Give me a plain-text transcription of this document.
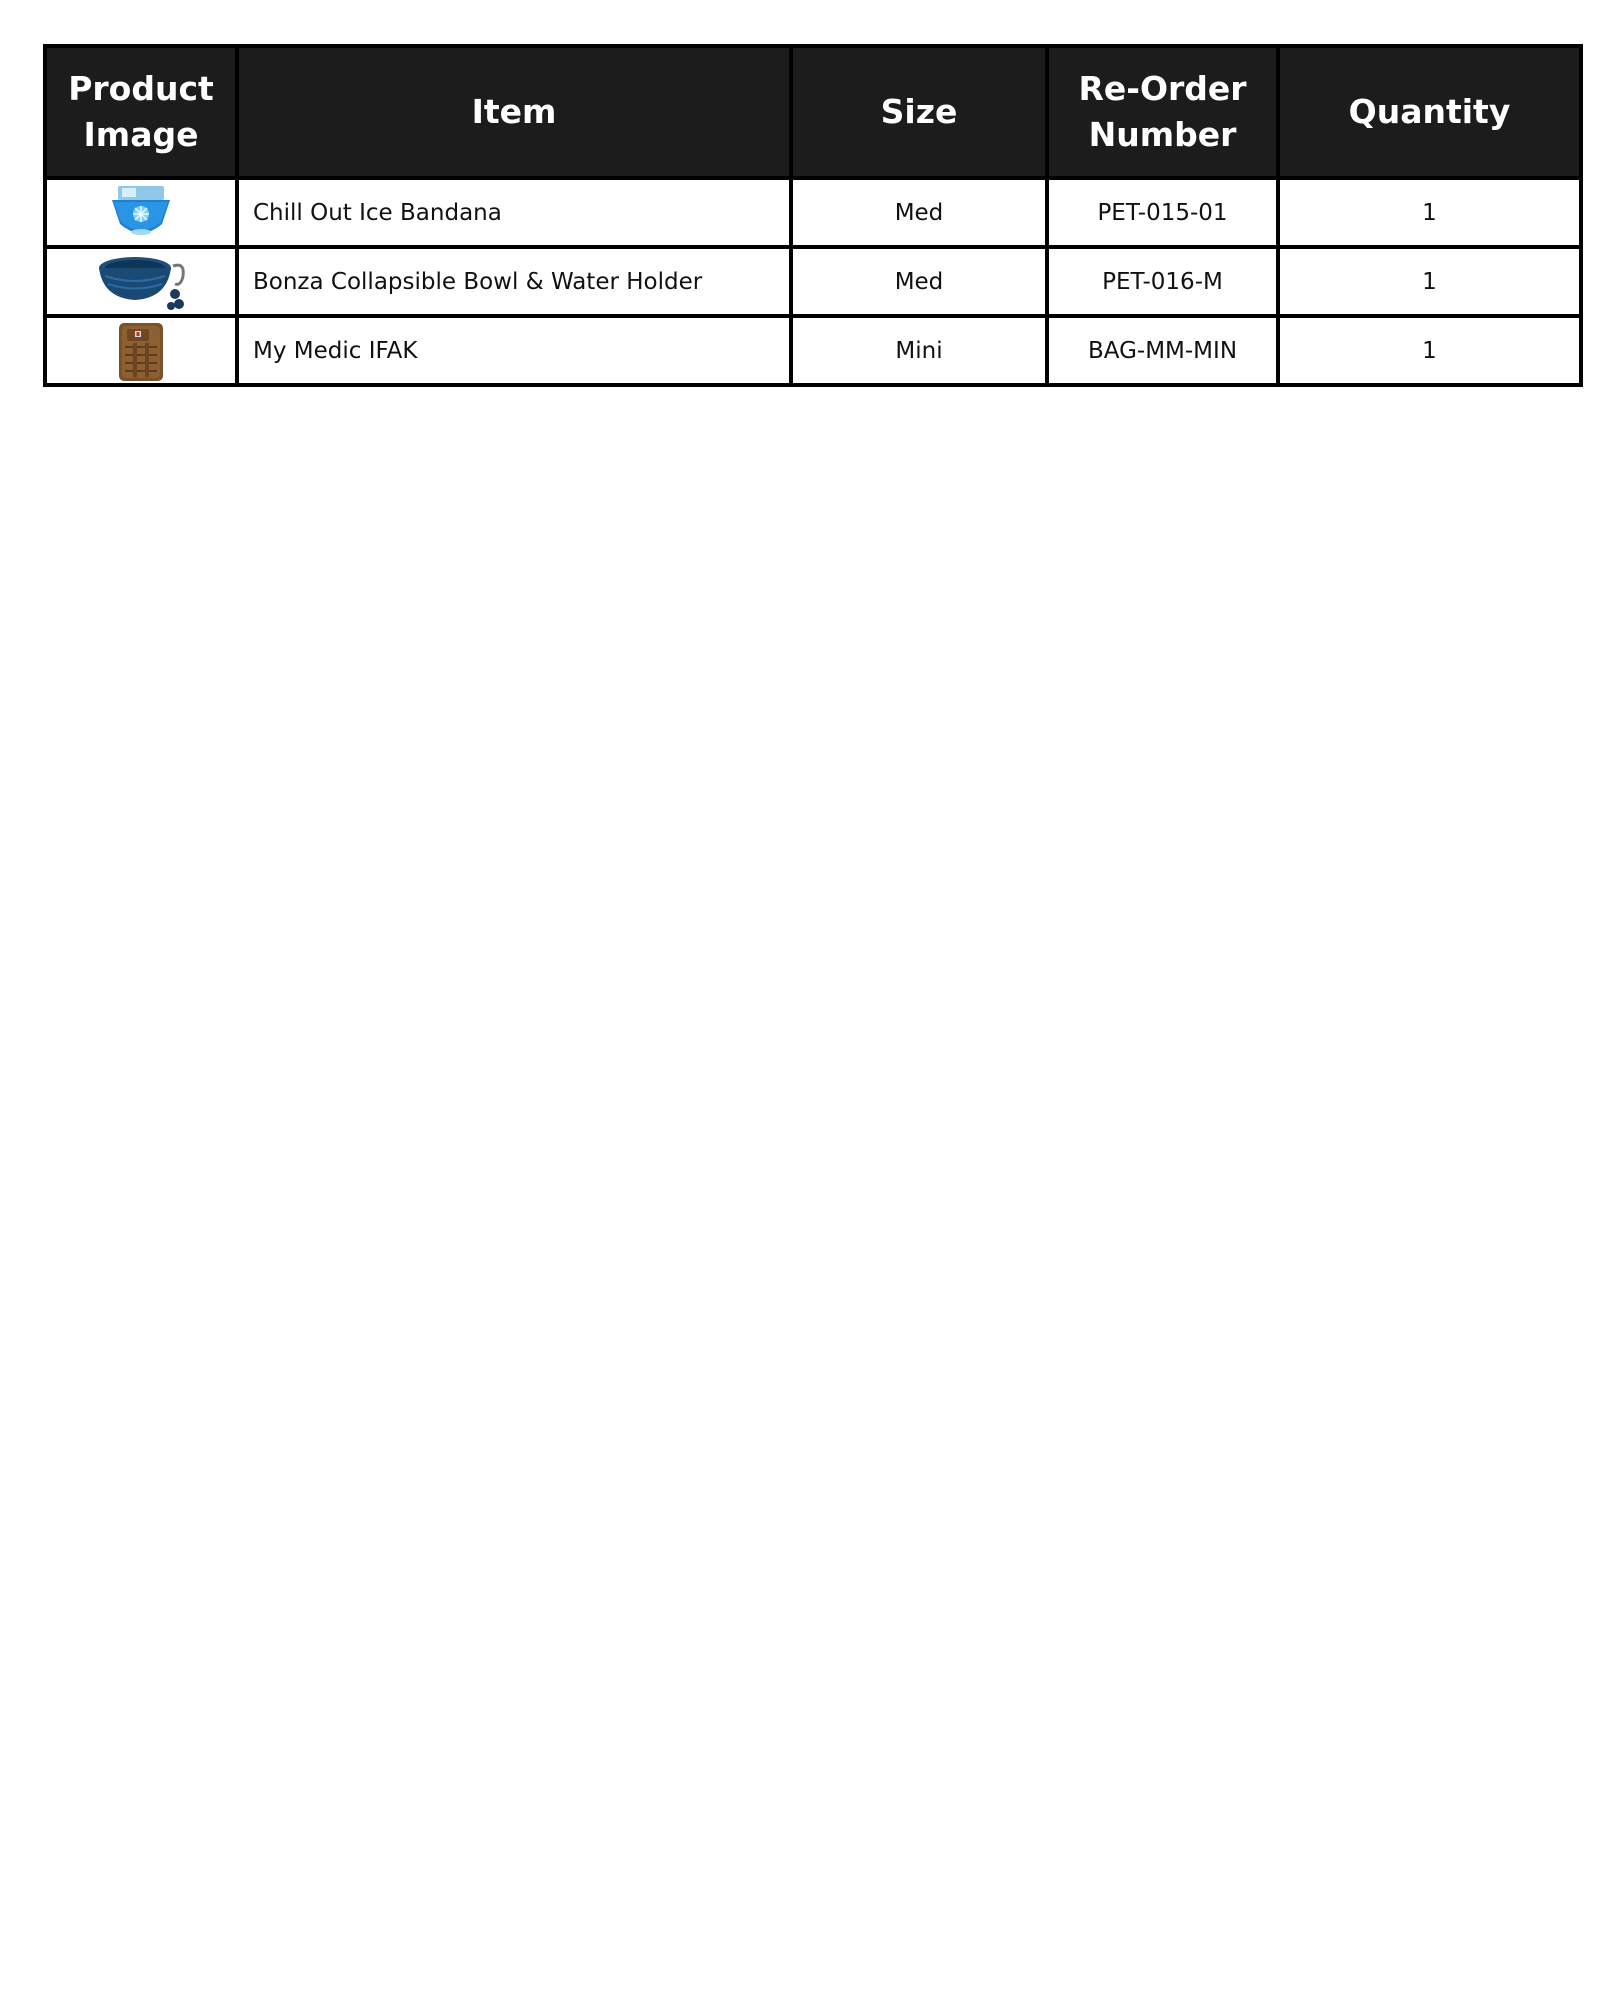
Product Image	Item	Size	Re-Order Number	Quantity

	Chill Out Ice Bandana	Med	PET-015-01	1

	Bonza Collapsible Bowl & Water Holder	Med	PET-016-M	1

	My Medic IFAK	Mini	BAG-MM-MIN	1
